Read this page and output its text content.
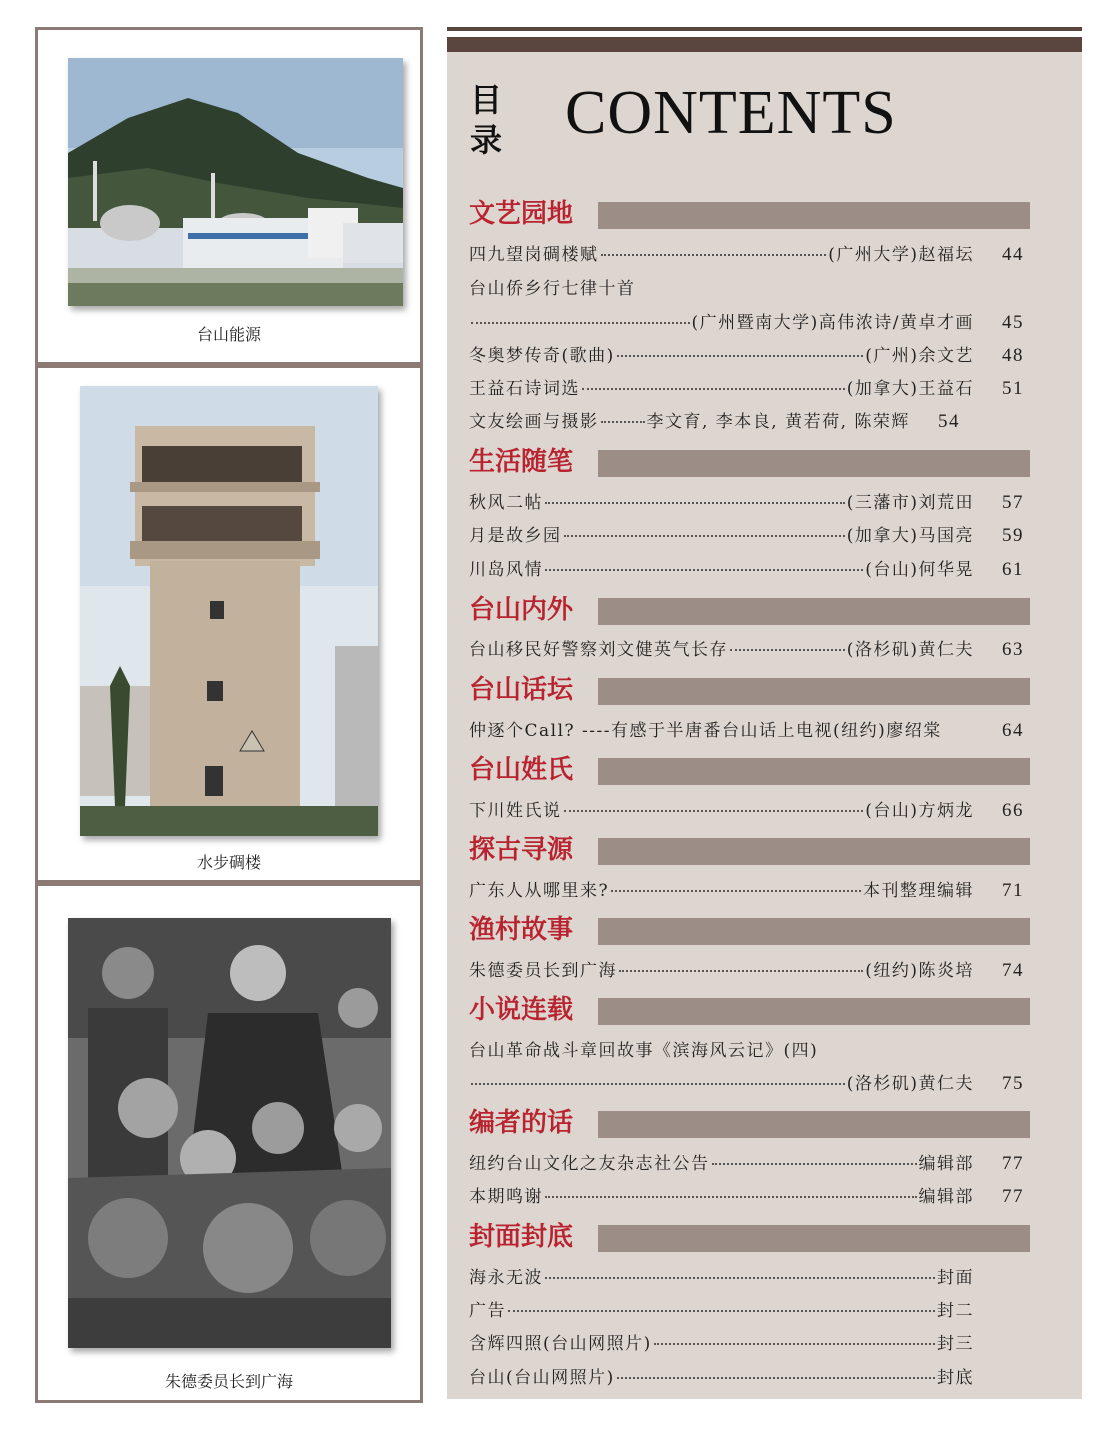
台山能源
水步碉楼
朱德委员长到广海
目
录 CONTENTS
文艺园地
四九望岗碉楼赋	(广州大学)赵福坛	44
台山侨乡行七律十首
(广州暨南大学)高伟浓诗/黄卓才画	45
冬奥梦传奇(歌曲)	(广州)余文艺	48
王益石诗词选	(加拿大)王益石	51
文友绘画与摄影	李文育, 李本良, 黄若荷, 陈荣辉	54
生活随笔
秋风二帖	(三藩市)刘荒田	57
月是故乡园	(加拿大)马国亮	59
川岛风情	(台山)何华晃	61
台山内外
台山移民好警察刘文健英气长存	(洛杉矶)黄仁夫	63
台山话坛
仲逐个Call? ----有感于半唐番台山话上电视(纽约)廖绍棠	64
台山姓氏
下川姓氏说	(台山)方炳龙	66
探古寻源
广东人从哪里来?	本刊整理编辑	71
渔村故事
朱德委员长到广海	(纽约)陈炎培	74
小说连载
台山革命战斗章回故事《滨海风云记》(四)
(洛杉矶)黄仁夫	75
编者的话
纽约台山文化之友杂志社公告	编辑部	77
本期鸣谢	编辑部	77
封面封底
海永无波	封面
广告	封二
含辉四照(台山网照片)	封三
台山(台山网照片)	封底
